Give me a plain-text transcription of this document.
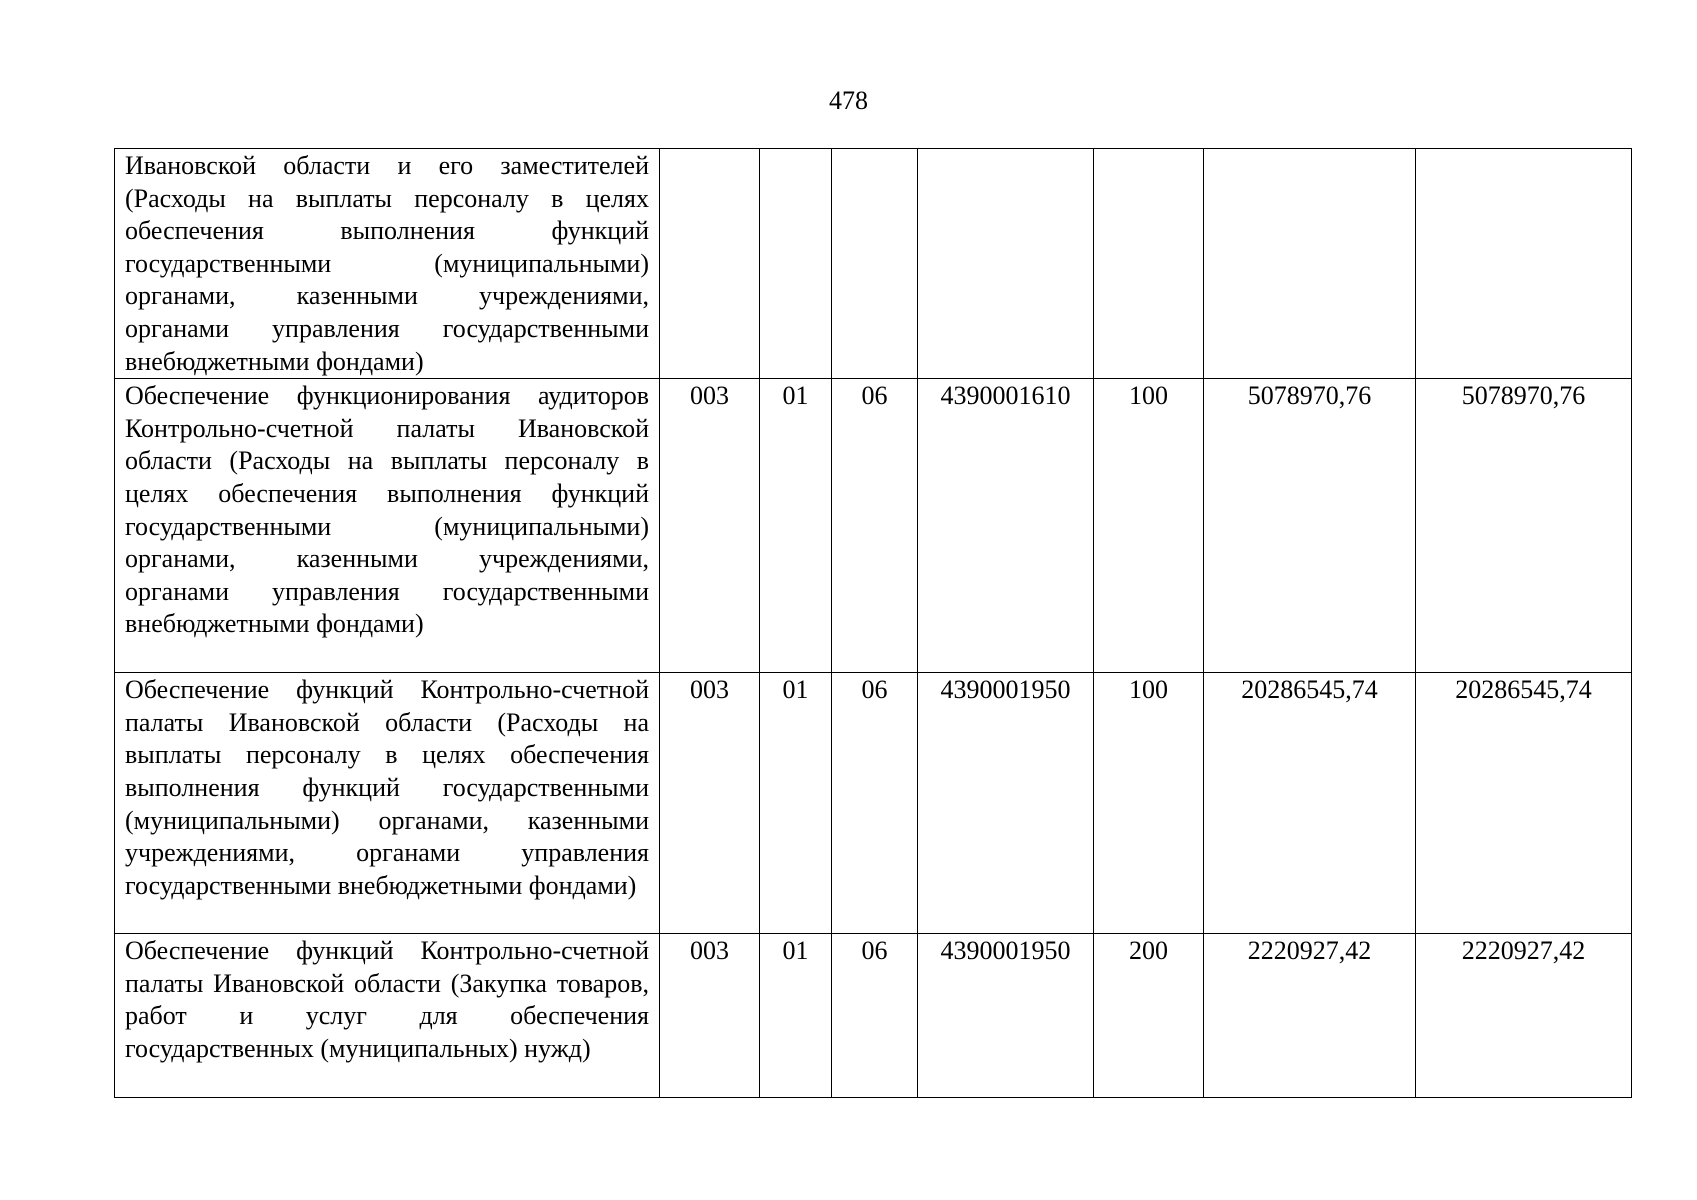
478
Ивановской области и его заместителей (Расходы на выплаты персоналу в целях обеспечения выполнения функций государственными (муниципальными) органами, казенными учреждениями, органами управления государственными внебюджетными фондами)							
Обеспечение функционирования аудиторов Контрольно-счетной палаты Ивановской области (Расходы на выплаты персоналу в целях обеспечения выполнения функций государственными (муниципальными) органами, казенными учреждениями, органами управления государственными внебюджетными фондами)	003	01	06	4390001610	100	5078970,76	5078970,76
Обеспечение функций Контрольно-счетной палаты Ивановской области (Расходы на выплаты персоналу в целях обеспечения выполнения функций государственными (муниципальными) органами, казенными учреждениями, органами управления государственными внебюджетными фондами)	003	01	06	4390001950	100	20286545,74	20286545,74
Обеспечение функций Контрольно-счетной палаты Ивановской области (Закупка товаров, работ и услуг для обеспечения государственных (муниципальных) нужд)	003	01	06	4390001950	200	2220927,42	2220927,42
